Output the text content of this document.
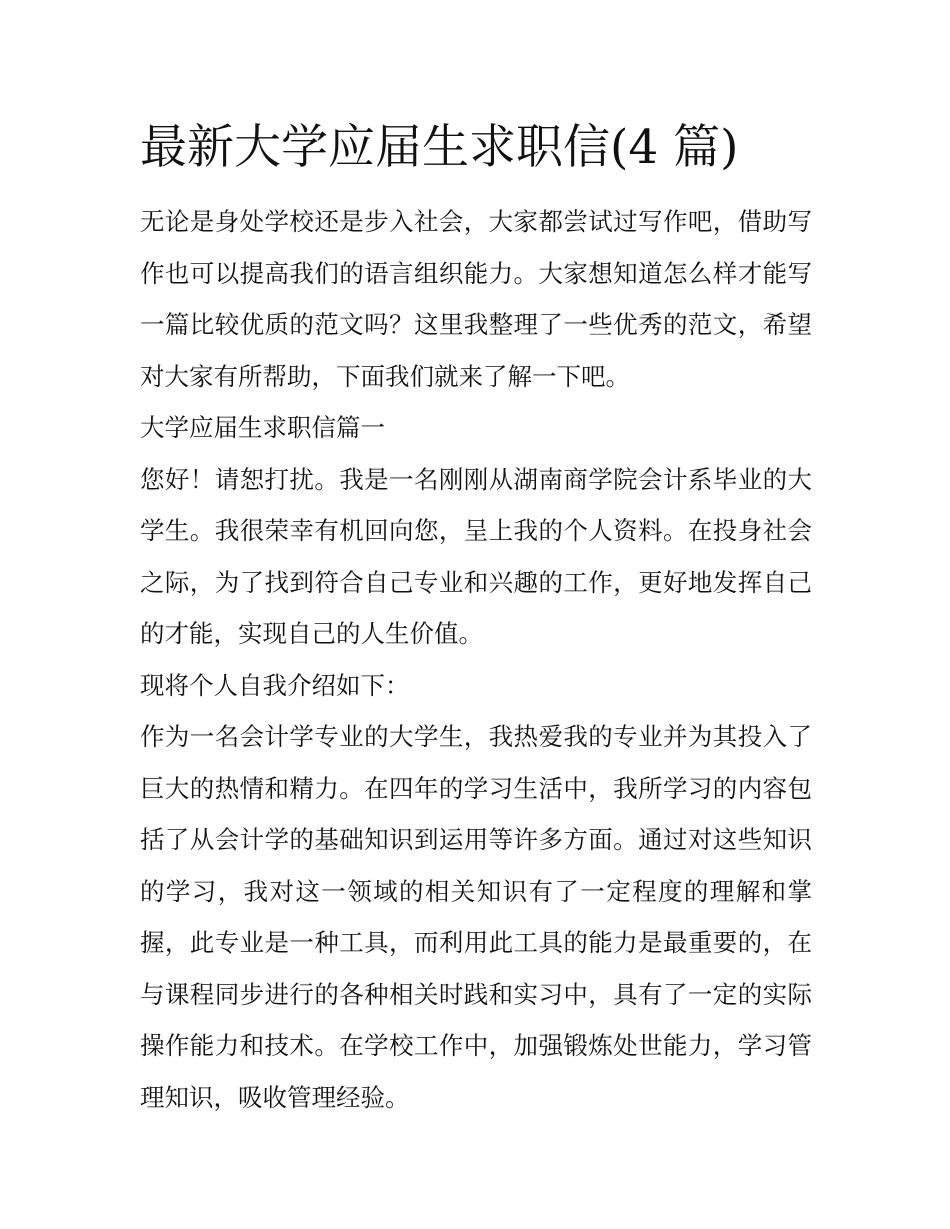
最新大学应届生求职信(4 篇)

无论是身处学校还是步入社会，大家都尝试过写作吧，借助写作也可以提高我们的语言组织能力。大家想知道怎么样才能写一篇比较优质的范文吗？这里我整理了一些优秀的范文，希望对大家有所帮助，下面我们就来了解一下吧。

大学应届生求职信篇一

您好！请恕打扰。我是一名刚刚从湖南商学院会计系毕业的大学生。我很荣幸有机回向您，呈上我的个人资料。在投身社会之际，为了找到符合自己专业和兴趣的工作，更好地发挥自己的才能，实现自己的人生价值。

现将个人自我介绍如下：

作为一名会计学专业的大学生，我热爱我的专业并为其投入了巨大的热情和精力。在四年的学习生活中，我所学习的内容包括了从会计学的基础知识到运用等许多方面。通过对这些知识的学习，我对这一领域的相关知识有了一定程度的理解和掌握，此专业是一种工具，而利用此工具的能力是最重要的，在与课程同步进行的各种相关时践和实习中，具有了一定的实际操作能力和技术。在学校工作中，加强锻炼处世能力，学习管理知识，吸收管理经验。
